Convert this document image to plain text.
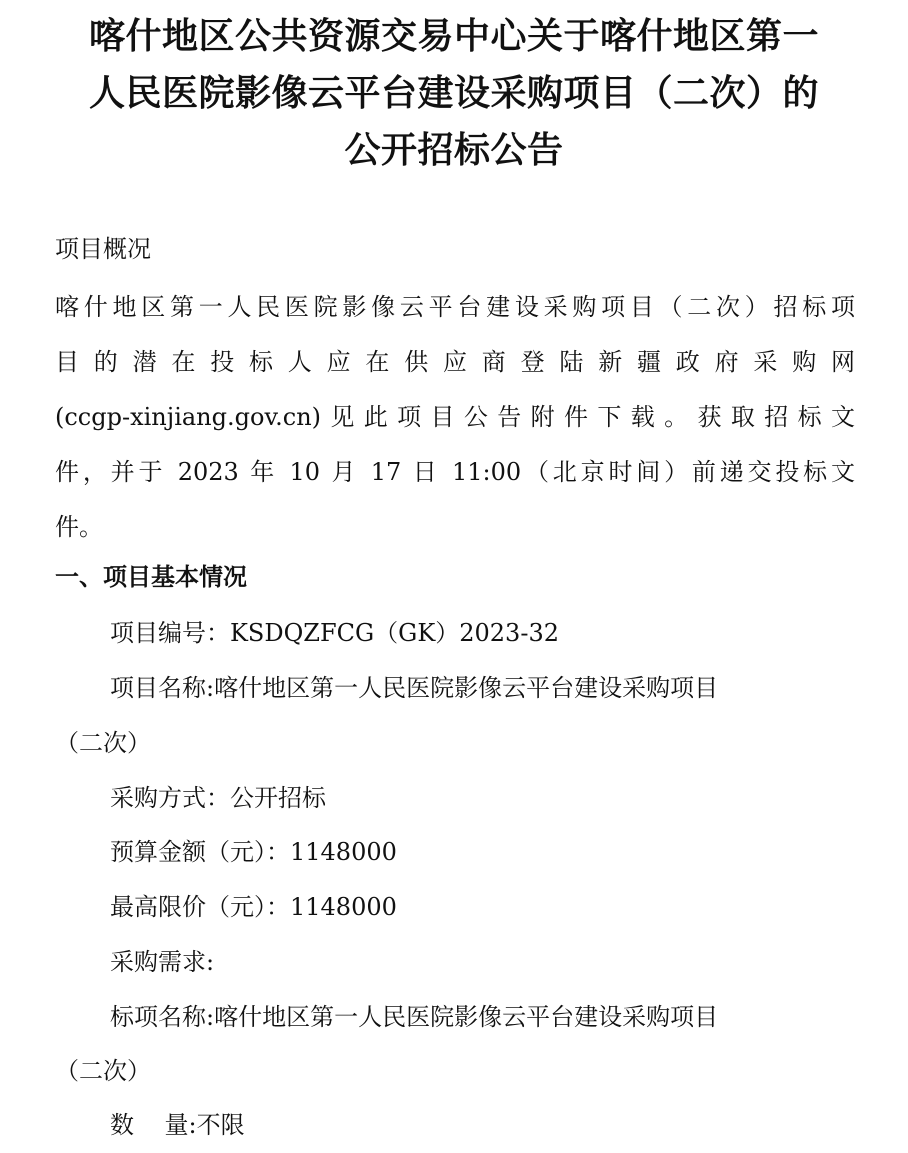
喀什地区公共资源交易中心关于喀什地区第一
人民医院影像云平台建设采购项目（二次）的
公开招标公告
项目概况
喀什地区第一人民医院影像云平台建设采购项目（二次）招标项
目的潜在投标人应在供应商登陆新疆政府采购网
(ccgp-xinjiang.gov.cn)见此项目公告附件下载。获取招标文
件，并于 2023 年 10 月 17 日 11:00（北京时间）前递交投标文
件。
一、项目基本情况
项目编号：KSDQZFCG（GK）2023-32
项目名称:喀什地区第一人民医院影像云平台建设采购项目
（二次）
采购方式：公开招标
预算金额（元）：1148000
最高限价（元）：1148000
采购需求:
标项名称:喀什地区第一人民医院影像云平台建设采购项目
（二次）
数    量:不限
